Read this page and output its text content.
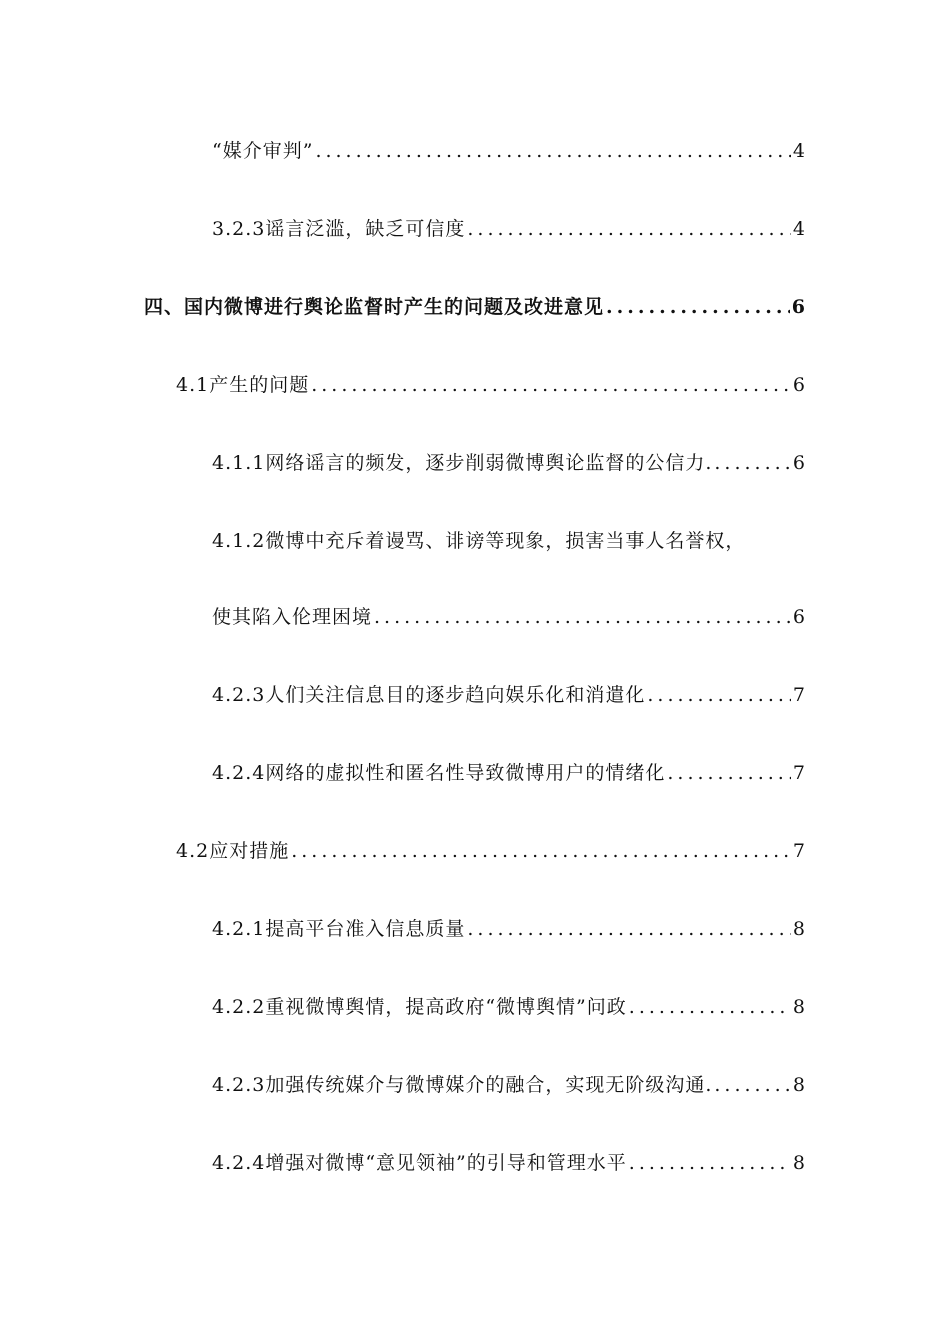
“媒介审判” .....	4
3.2.3谣言泛滥，缺乏可信度 .....	4
四、国内微博进行舆论监督时产生的问题及改进意见 .....	6
4.1产生的问题 .....	6
4.1.1网络谣言的频发，逐步削弱微博舆论监督的公信力. .....	6
4.1.2微博中充斥着谩骂、诽谤等现象，损害当事人名誉权，
使其陷入伦理困境 .....	6
4.2.3人们关注信息目的逐步趋向娱乐化和消遣化 .....	7
4.2.4网络的虚拟性和匿名性导致微博用户的情绪化 .....	7
4.2应对措施 .....	7
4.2.1提高平台准入信息质量 .....	8
4.2.2重视微博舆情，提高政府“微博舆情”问政 .....	8
4.2.3加强传统媒介与微博媒介的融合，实现无阶级沟通. .....	8
4.2.4增强对微博“意见领袖”的引导和管理水平 .....	8
